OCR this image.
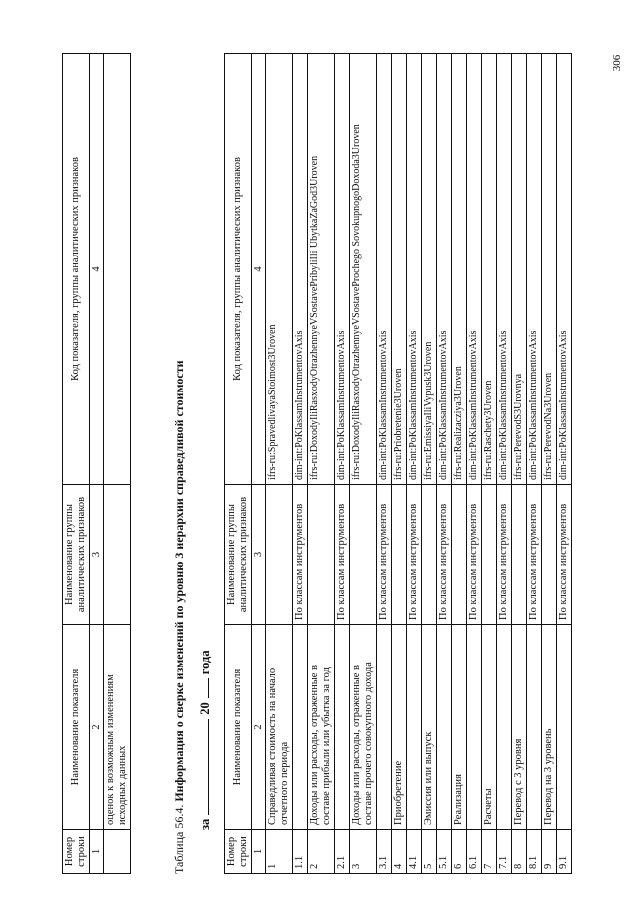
306
Номер строки	Наименование показателя	Наименование группы аналитических признаков	Код показателя, группы аналитических признаков
1	2	3	4
	оценок к возможным изменениям исходных данных		
Таблица 56.4. Информация о сверке изменений по уровню 3 иерархии справедливой стоимости
за20года
Номер строки	Наименование показателя	Наименование группы аналитических признаков	Код показателя, группы аналитических признаков
1	2	3	4
1	Справедливая стоимость на начало отчетного периода		ifrs-ru:SpravedlivayaStoimost3Uroven
1.1		По классам инструментов	dim-int:PoKlassamInstrumentovAxis
2	Доходы или расходы, отраженные в составе прибыли или убытка за год		ifrs-ru:DoxodyIliRasxodyOtrazhennyeVSostavePribyliIli UbytkaZaGod3Uroven
2.1		По классам инструментов	dim-int:PoKlassamInstrumentovAxis
3	Доходы или расходы, отраженные в составе прочего совокупного дохода		ifrs-ru:DoxodyIliRasxodyOtrazhennyeVSostaveProchego SovokupnogoDoxoda3Uroven
3.1		По классам инструментов	dim-int:PoKlassamInstrumentovAxis
4	Приобретение		ifrs-ru:Priobretenie3Uroven
4.1		По классам инструментов	dim-int:PoKlassamInstrumentovAxis
5	Эмиссия или выпуск		ifrs-ru:EmissiyaIliVypusk3Uroven
5.1		По классам инструментов	dim-int:PoKlassamInstrumentovAxis
6	Реализация		ifrs-ru:Realizacziya3Uroven
6.1		По классам инструментов	dim-int:PoKlassamInstrumentovAxis
7	Расчеты		ifrs-ru:Raschety3Uroven
7.1		По классам инструментов	dim-int:PoKlassamInstrumentovAxis
8	Перевод с 3 уровня		ifrs-ru:PerevodS3Urovnya
8.1		По классам инструментов	dim-int:PoKlassamInstrumentovAxis
9	Перевод на 3 уровень		ifrs-ru:PerevodNa3Uroven
9.1		По классам инструментов	dim-int:PoKlassamInstrumentovAxis
